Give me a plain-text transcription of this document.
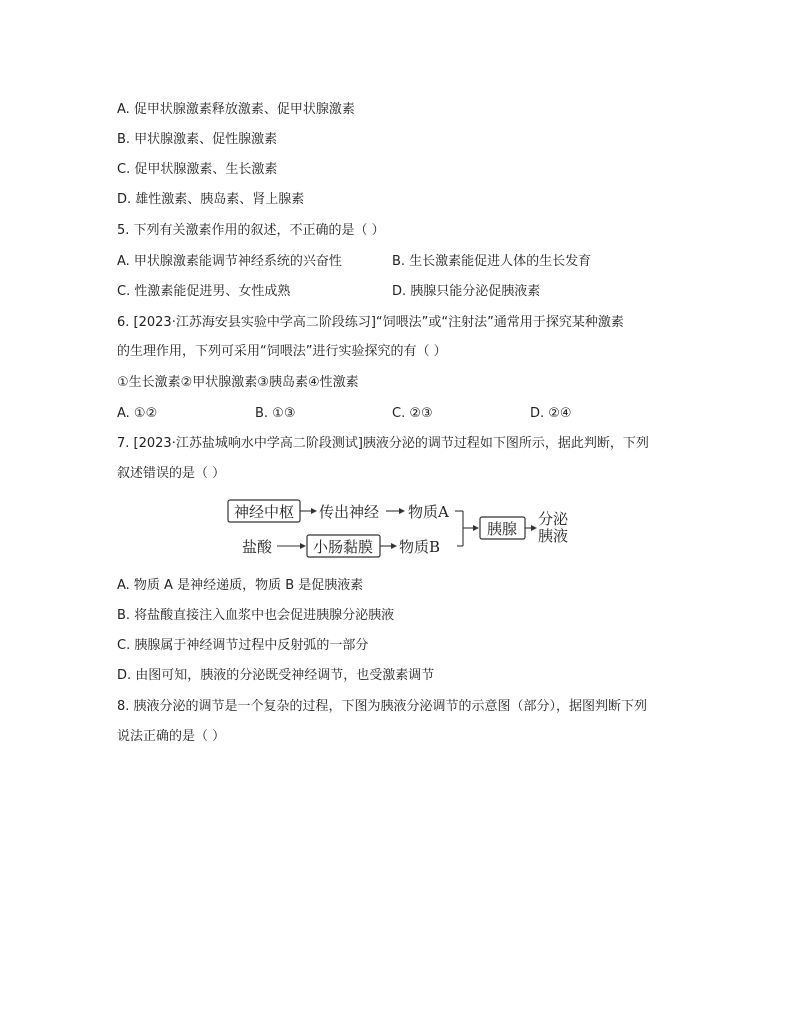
A. 促甲状腺激素释放激素、促甲状腺激素
B. 甲状腺激素、促性腺激素
C. 促甲状腺激素、生长激素
D. 雄性激素、胰岛素、肾上腺素
5. 下列有关激素作用的叙述，不正确的是（ ）
A. 甲状腺激素能调节神经系统的兴奋性	B. 生长激素能促进人体的生长发育
C. 性激素能促进男、女性成熟	D. 胰腺只能分泌促胰液素
6. [2023·江苏海安县实验中学高二阶段练习]“饲喂法”或“注射法”通常用于探究某种激素
的生理作用，下列可采用“饲喂法”进行实验探究的有（ ）
①生长激素②甲状腺激素③胰岛素④性激素
A. ①②	B. ①③	C. ②③	D. ②④
7. [2023·江苏盐城响水中学高二阶段测试]胰液分泌的调节过程如下图所示，据此判断，下列
叙述错误的是（ ）
神经中枢 传出神经 物质A
盐酸	小肠黏膜 物质B
胰腺
分泌
胰液
A. 物质 A 是神经递质，物质 B 是促胰液素
B. 将盐酸直接注入血浆中也会促进胰腺分泌胰液
C. 胰腺属于神经调节过程中反射弧的一部分
D. 由图可知，胰液的分泌既受神经调节，也受激素调节
8. 胰液分泌的调节是一个复杂的过程，下图为胰液分泌调节的示意图（部分），据图判断下列
说法正确的是（ ）
